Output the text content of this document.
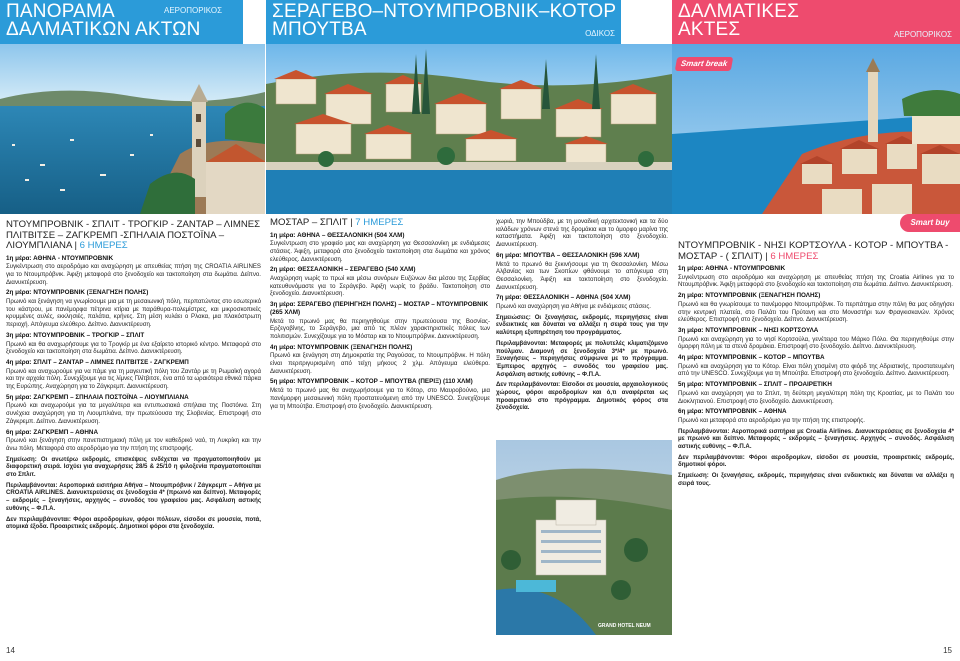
ΠΑΝΟΡΑΜΑ
ΔΑΛΜΑΤΙΚΩΝ ΑΚΤΩΝ
ΑΕΡΟΠΟΡΙΚΟΣ	ΣΕΡΑΓΕΒΟ–ΝΤΟΥΜΠΡΟΒΝΙΚ–ΚΟΤΟΡ
ΜΠΟΥΤΒΑ	ΟΔΙΚΟΣ
ΔΑΛΜΑΤΙΚΕΣ
ΑΚΤΕΣ	ΑΕΡΟΠΟΡΙΚΟΣ
Smart break
Smart buy
ΝΤΟΥΜΠΡΟΒΝΙΚ - ΣΠΛΙΤ - ΤΡΟΓΚΙΡ - ΖΑΝΤΑΡ – ΛΙΜΝΕΣ ΠΛΙΤΒΙΤΣΕ – ΖΑΓΚΡΕΜΠ -ΣΠΗΛΑΙΑ ΠΟΣΤΟΪΝΑ – ΛΙΟΥΜΠΛΙΑΝΑ | 6 ΗΜΕΡΕΣ
1η μέρα: ΑΘΗΝΑ - ΝΤΟΥΜΠΡΟΒΝΙΚ

Συγκέντρωση στο αεροδρόμιο και αναχώρηση με απευθείας πτήση της CROATIA AIRLINES για το Ντουμπρόβνικ. Άφιξη μεταφορά στο ξενοδοχείο και τακτοποίηση στα δωμάτια. Δείπνο. Διανυκτέρευση.

2η μέρα: ΝΤΟΥΜΠΡΟΒΝΙΚ (ΞΕΝΑΓΗΣΗ ΠΟΛΗΣ)

Πρωινό και ξενάγηση να γνωρίσουμε μια με τη μεσαιωνική πόλη, περπατώντας στο εσωτερικό του κάστρου, με πανέμορφα πέτρινα κτίρια με παράθυρα-πολεμίστρες, και μικροσκοπικές κρυμμένες αυλές, εκκλησιές, παλάτια, κρήνες. Στη μέση κυλάει ο Ρλακα, μια πλακόστρωτη περιοχή. Απόγευμα ελεύθερο. Δείπνο. Διανυκτέρευση.

3η μέρα: ΝΤΟΥΜΠΡΟΒΝΙΚ – ΤΡΟΓΚΙΡ – ΣΠΛΙΤ

Πρωινό και θα αναχωρήσουμε για το Τρογκίρ με ένα εξαίρετο ιστορικό κέντρο. Μεταφορά στο ξενοδοχείο και τακτοποίηση στα δωμάτια. Δείπνο. Διανυκτέρευση.

4η μέρα: ΣΠΛΙΤ – ΖΑΝΤΑΡ – ΛΙΜΝΕΣ ΠΛΙΤΒΙΤΣΕ - ΖΑΓΚΡΕΜΠ

Πρωινό και αναχωρούμε για να πάμε για τη μαγευτική πόλη του Ζαντάρ με τη Ρωμαϊκή αγορά και την αρχαία πόλη. Συνεχίζουμε για τις λίμνες Πλίτβιτσε, ένα από τα ωραιότερα εθνικά πάρκα της Ευρώπης. Αναχώρηση για το Ζάγκρεμπ. Διανυκτέρευση.

5η μέρα: ΖΑΓΚΡΕΜΠ – ΣΠΗΛΑΙΑ ΠΟΣΤΟΪΝΑ – ΛΙΟΥΜΠΛΙΑΝΑ

Πρωινό και αναχωρούμε για τα μεγαλύτερα και εντυπωσιακά σπήλαια της Ποστόινα. Στη συνέχεια αναχώρηση για τη Λιουμπλιάνα, την πρωτεύουσα της Σλοβενίας. Επιστροφή στο Ζάγκρεμπ. Δείπνο. Διανυκτέρευση.

6η μέρα: ΖΑΓΚΡΕΜΠ – ΑΘΗΝΑ

Πρωινό και ξενάγηση στην πανεπιστημιακή πόλη με τον καθεδρικό ναό, τη Λυκρίκη και την άνω πόλη. Μεταφορά στο αεροδρόμιο για την πτήση της επιστροφής.

Σημείωση: Οι ανωτέρω εκδρομές, επισκέψεις ενδέχεται να πραγματοποιηθούν με διαφορετική σειρά. Ισχύει για αναχωρήσεις 28/5 & 25/10 η φιλοξενία πραγματοποιείται στο Σπλιτ.

Περιλαμβάνονται: Αεροπορικά εισιτήρια Αθήνα – Ντουμπρόβνικ / Ζάγκρεμπ – Αθήνα με CROATIA AIRLINES. Διανυκτερεύσεις σε ξενοδοχεία 4* (πρωινό και δείπνο). Μεταφορές – εκδρομές – ξεναγήσεις, αρχηγός – συνοδός του γραφείου μας. Ασφάλιση αστικής ευθύνης – Φ.Π.Α.

Δεν περιλαμβάνονται: Φόροι αεροδρομίων, φόροι πόλεων, είσοδοι σε μουσεία, ποτά, ατομικά έξοδα. Προαιρετικές εκδρομές. Δημοτικοί φόροι στα ξενοδοχεία.

ΜΟΣΤΑΡ – ΣΠΛΙΤ | 7 ΗΜΕΡΕΣ
1η μέρα: ΑΘΗΝΑ – ΘΕΣΣΑΛΟΝΙΚΗ (504 ΧΛΜ)

Συγκέντρωση στο γραφείο μας και αναχώρηση για Θεσσαλονίκη με ενδιάμεσες στάσεις. Άφιξη, μεταφορά στο ξενοδοχείο τακτοποίηση στα δωμάτια και χρόνος ελεύθερος. Διανυκτέρευση.

2η μέρα: ΘΕΣΣΑΛΟΝΙΚΗ – ΣΕΡΑΓΕΒΟ (540 ΧΛΜ)

Αναχώρηση νωρίς το πρωί και μέσω συνόρων Ευζώνων δια μέσου της Σερβίας κατευθυνόμαστε για το Σεράγεβο. Άφιξη νωρίς το βράδυ. Τακτοποίηση στο ξενοδοχείο. Διανυκτέρευση.

3η μέρα: ΣΕΡΑΓΕΒΟ (ΠΕΡΙΗΓΗΣΗ ΠΟΛΗΣ) – ΜΟΣΤΑΡ – ΝΤΟΥΜΠΡΟΒΝΙΚ (265 ΧΛΜ)

Μετά το πρωινό μας θα περιηγηθούμε στην πρωτεύουσα της Βοσνίας-Ερζεγοβίνης, το Σεράγεβο, μια από τις πλέον χαρακτηριστικές πόλεις των πολιτισμών. Συνεχίζουμε για το Μόσταρ και το Ντουμπρόβνικ. Διανυκτέρευση.

4η μέρα: ΝΤΟΥΜΠΡΟΒΝΙΚ (ΞΕΝΑΓΗΣΗ ΠΟΛΗΣ)

Πρωινό και ξενάγηση στη Δημοκρατία της Ραγούσας, το Ντουμπρόβνικ. Η πόλη είναι περιτριγυρισμένη από τείχη μήκους 2 χλμ. Απόγευμα ελεύθερο. Διανυκτέρευση.

5η μέρα: ΝΤΟΥΜΠΡΟΒΝΙΚ – ΚΟΤΟΡ – ΜΠΟΥΤΒΑ (ΠΕΡΙΞ) (110 ΧΛΜ)

Μετά το πρωινό μας θα αναχωρήσουμε για το Κότορ, στο Μαυροβούνιο, μια πανέμορφη μεσαιωνική πόλη προστατευόμενη από την UNESCO. Συνεχίζουμε για τη Μπούτβα. Επιστροφή στο ξενοδοχείο. Διανυκτέρευση.

χωριά, την Μπούδβα, με τη μοναδική αρχιτεκτονική και τα δύο ιαλάδων χρόνων στενά της δρομάκια και το όμορφο μαρίνα της καταστήματα. Άφιξη και τακτοποίηση στο ξενοδοχείο. Διανυκτέρευση.

6η μέρα: ΜΠΟΥΤΒΑ – ΘΕΣΣΑΛΟΝΙΚΗ (596 ΧΛΜ)

Μετά το πρωινό θα ξεκινήσουμε για τη Θεσσαλονίκη. Μέσω Αλβανίας και των Σκοπίων φθάνουμε το απόγευμα στη Θεσσαλονίκη. Άφιξη και τακτοποίηση στο ξενοδοχείο. Διανυκτέρευση.

7η μέρα: ΘΕΣΣΑΛΟΝΙΚΗ – ΑΘΗΝΑ (504 ΧΛΜ)

Πρωινό και αναχώρηση για Αθήνα με ενδιάμεσες στάσεις.

Σημειώσεις: Οι ξεναγήσεις, εκδρομές, περιηγήσεις είναι ενδεικτικές και δύναται να αλλάξει η σειρά τους για την καλύτερη εξυπηρέτηση του προγράμματος.

Περιλαμβάνονται: Μεταφορές με πολυτελές κλιματιζόμενο πούλμαν. Διαμονή σε ξενοδοχεία 3*/4* με πρωινό. Ξεναγήσεις – περιηγήσεις σύμφωνα με το πρόγραμμα. Έμπειρος αρχηγός – συνοδός του γραφείου μας. Ασφάλιση αστικής ευθύνης – Φ.Π.Α.

Δεν περιλαμβάνονται: Είσοδοι σε μουσεία, αρχαιολογικούς χώρους, φόροι αεροδρομίων και ό,τι αναφέρεται ως προαιρετικό στο πρόγραμμα. Δημοτικός φόρος στα ξενοδοχεία.

GRAND HOTEL NEUM
ΝΤΟΥΜΠΡΟΒΝΙΚ - ΝΗΣΙ ΚΟΡΤΣΟΥΛΑ - ΚΟΤΟΡ - ΜΠΟΥΤΒΑ - ΜΟΣΤΑΡ - ( ΣΠΛΙΤ) | 6 ΗΜΕΡΕΣ
1η μέρα: ΑΘΗΝΑ - ΝΤΟΥΜΠΡΟΒΝΙΚ

Συγκέντρωση στο αεροδρόμιο και αναχώρηση με απευθείας πτήση της Croatia Airlines για το Ντουμπρόβνικ. Άφιξη μεταφορά στο ξενοδοχείο και τακτοποίηση στα δωμάτια. Δείπνο. Διανυκτέρευση.

2η μέρα: ΝΤΟΥΜΠΡΟΒΝΙΚ (ΞΕΝΑΓΗΣΗ ΠΟΛΗΣ)

Πρωινό και θα γνωρίσουμε το πανέμορφο Ντουμπρόβνικ. Το περπάτημα στην πόλη θα μας οδηγήσει στην κεντρική πλατεία, στο Παλάτι του Πρύτανη και στο Μοναστήρι των Φραγκισκανών. Χρόνος ελεύθερος. Επιστροφή στο ξενοδοχείο. Δείπνο. Διανυκτέρευση.

3η μέρα: ΝΤΟΥΜΠΡΟΒΝΙΚ – ΝΗΣΙ ΚΟΡΤΣΟΥΛΑ

Πρωινό και αναχώρηση για το νησί Κορτσούλα, γενέτειρα του Μάρκο Πόλο. Θα περιηγηθούμε στην όμορφη πόλη με τα στενά δρομάκια. Επιστροφή στο ξενοδοχείο. Δείπνο. Διανυκτέρευση.

4η μέρα: ΝΤΟΥΜΠΡΟΒΝΙΚ – ΚΟΤΟΡ – ΜΠΟΥΤΒΑ

Πρωινό και αναχώρηση για το Κότορ. Είναι πόλη χτισμένη στο φιόρδ της Αδριατικής, προστατευμένη από την UNESCO. Συνεχίζουμε για τη Μπούτβα. Επιστροφή στο ξενοδοχείο. Δείπνο. Διανυκτέρευση.

5η μέρα: ΝΤΟΥΜΠΡΟΒΝΙΚ – ΣΠΛΙΤ – ΠΡΟΑΙΡΕΤΙΚΗ

Πρωινό και αναχώρηση για το Σπλιτ, τη δεύτερη μεγαλύτερη πόλη της Κροατίας, με το Παλάτι του Διοκλητιανού. Επιστροφή στο ξενοδοχείο. Διανυκτέρευση.

6η μέρα: ΝΤΟΥΜΠΡΟΒΝΙΚ – ΑΘΗΝΑ

Πρωινό και μεταφορά στο αεροδρόμιο για την πτήση της επιστροφής.

Περιλαμβάνονται: Αεροπορικά εισιτήρια με Croatia Airlines. Διανυκτερεύσεις σε ξενοδοχεία 4* με πρωινό και δείπνο. Μεταφορές – εκδρομές – ξεναγήσεις. Αρχηγός – συνοδός. Ασφάλιση αστικής ευθύνης – Φ.Π.Α.

Δεν περιλαμβάνονται: Φόροι αεροδρομίων, είσοδοι σε μουσεία, προαιρετικές εκδρομές, δημοτικοί φόροι.

Σημείωση: Οι ξεναγήσεις, εκδρομές, περιηγήσεις είναι ενδεικτικές και δύναται να αλλάξει η σειρά τους.

14	15
